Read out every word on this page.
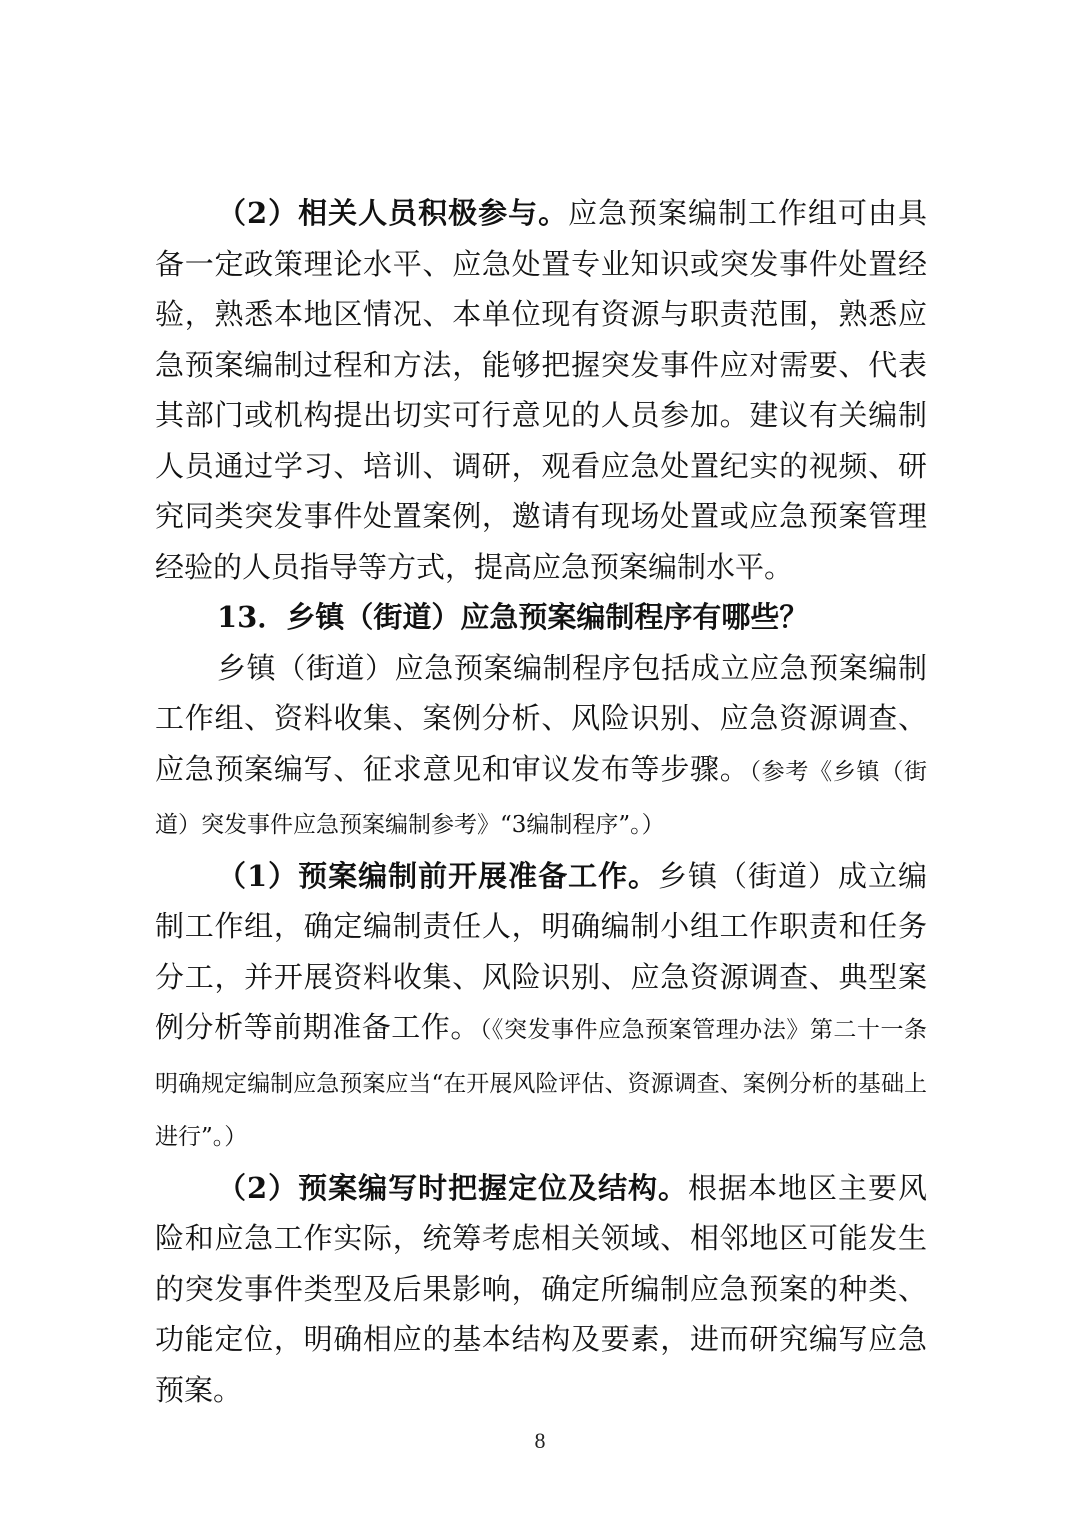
（2）相关人员积极参与。应急预案编制工作组可由具备一定政策理论水平、应急处置专业知识或突发事件处置经验，熟悉本地区情况、本单位现有资源与职责范围，熟悉应急预案编制过程和方法，能够把握突发事件应对需要、代表其部门或机构提出切实可行意见的人员参加。建议有关编制人员通过学习、培训、调研，观看应急处置纪实的视频、研究同类突发事件处置案例，邀请有现场处置或应急预案管理经验的人员指导等方式，提高应急预案编制水平。

13．乡镇（街道）应急预案编制程序有哪些？

乡镇（街道）应急预案编制程序包括成立应急预案编制工作组、资料收集、案例分析、风险识别、应急资源调查、应急预案编写、征求意见和审议发布等步骤。（参考《乡镇（街道）突发事件应急预案编制参考》“3编制程序”。）

（1）预案编制前开展准备工作。乡镇（街道）成立编制工作组，确定编制责任人，明确编制小组工作职责和任务分工，并开展资料收集、风险识别、应急资源调查、典型案例分析等前期准备工作。（《突发事件应急预案管理办法》第二十一条明确规定编制应急预案应当“在开展风险评估、资源调查、案例分析的基础上进行”。）

（2）预案编写时把握定位及结构。根据本地区主要风险和应急工作实际，统筹考虑相关领域、相邻地区可能发生的突发事件类型及后果影响，确定所编制应急预案的种类、功能定位，明确相应的基本结构及要素，进而研究编写应急预案。

8
